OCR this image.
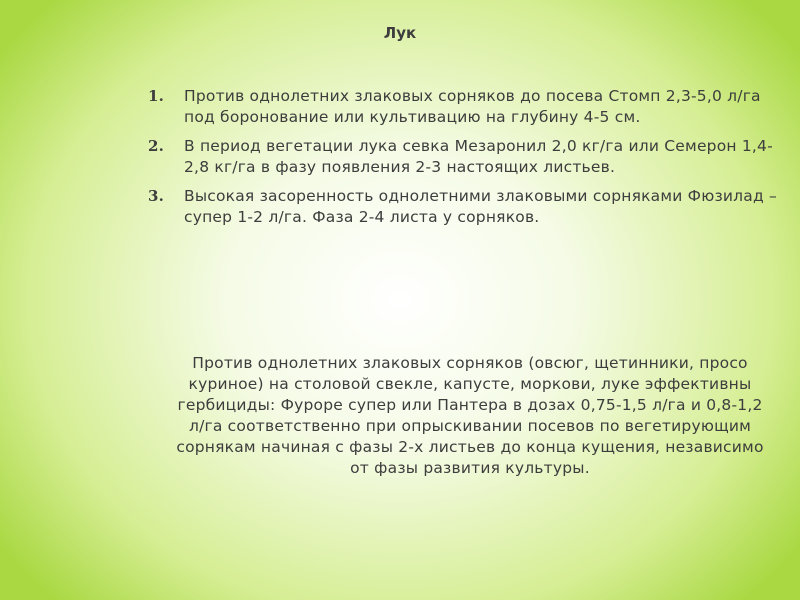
Лук
1. Против однолетних злаковых сорняков до посева Стомп 2,3-5,0 л/га под боронование или культивацию на глубину 4-5 см.
2. В период вегетации лука севка Мезаронил 2,0 кг/га или Семерон 1,4-2,8 кг/га в фазу появления 2-3 настоящих листьев.
3. Высокая засоренность однолетними злаковыми сорняками Фюзилад – супер 1-2 л/га. Фаза 2-4 листа у сорняков.

Против однолетних злаковых сорняков (овсюг, щетинники, просо куриное) на столовой свекле, капусте, моркови, луке эффективны гербициды: Фуроре супер или Пантера в дозах 0,75-1,5 л/га и 0,8-1,2 л/га соответственно при опрыскивании посевов по вегетирующим сорнякам начиная с фазы 2-х листьев до конца кущения, независимо от фазы развития культуры.
